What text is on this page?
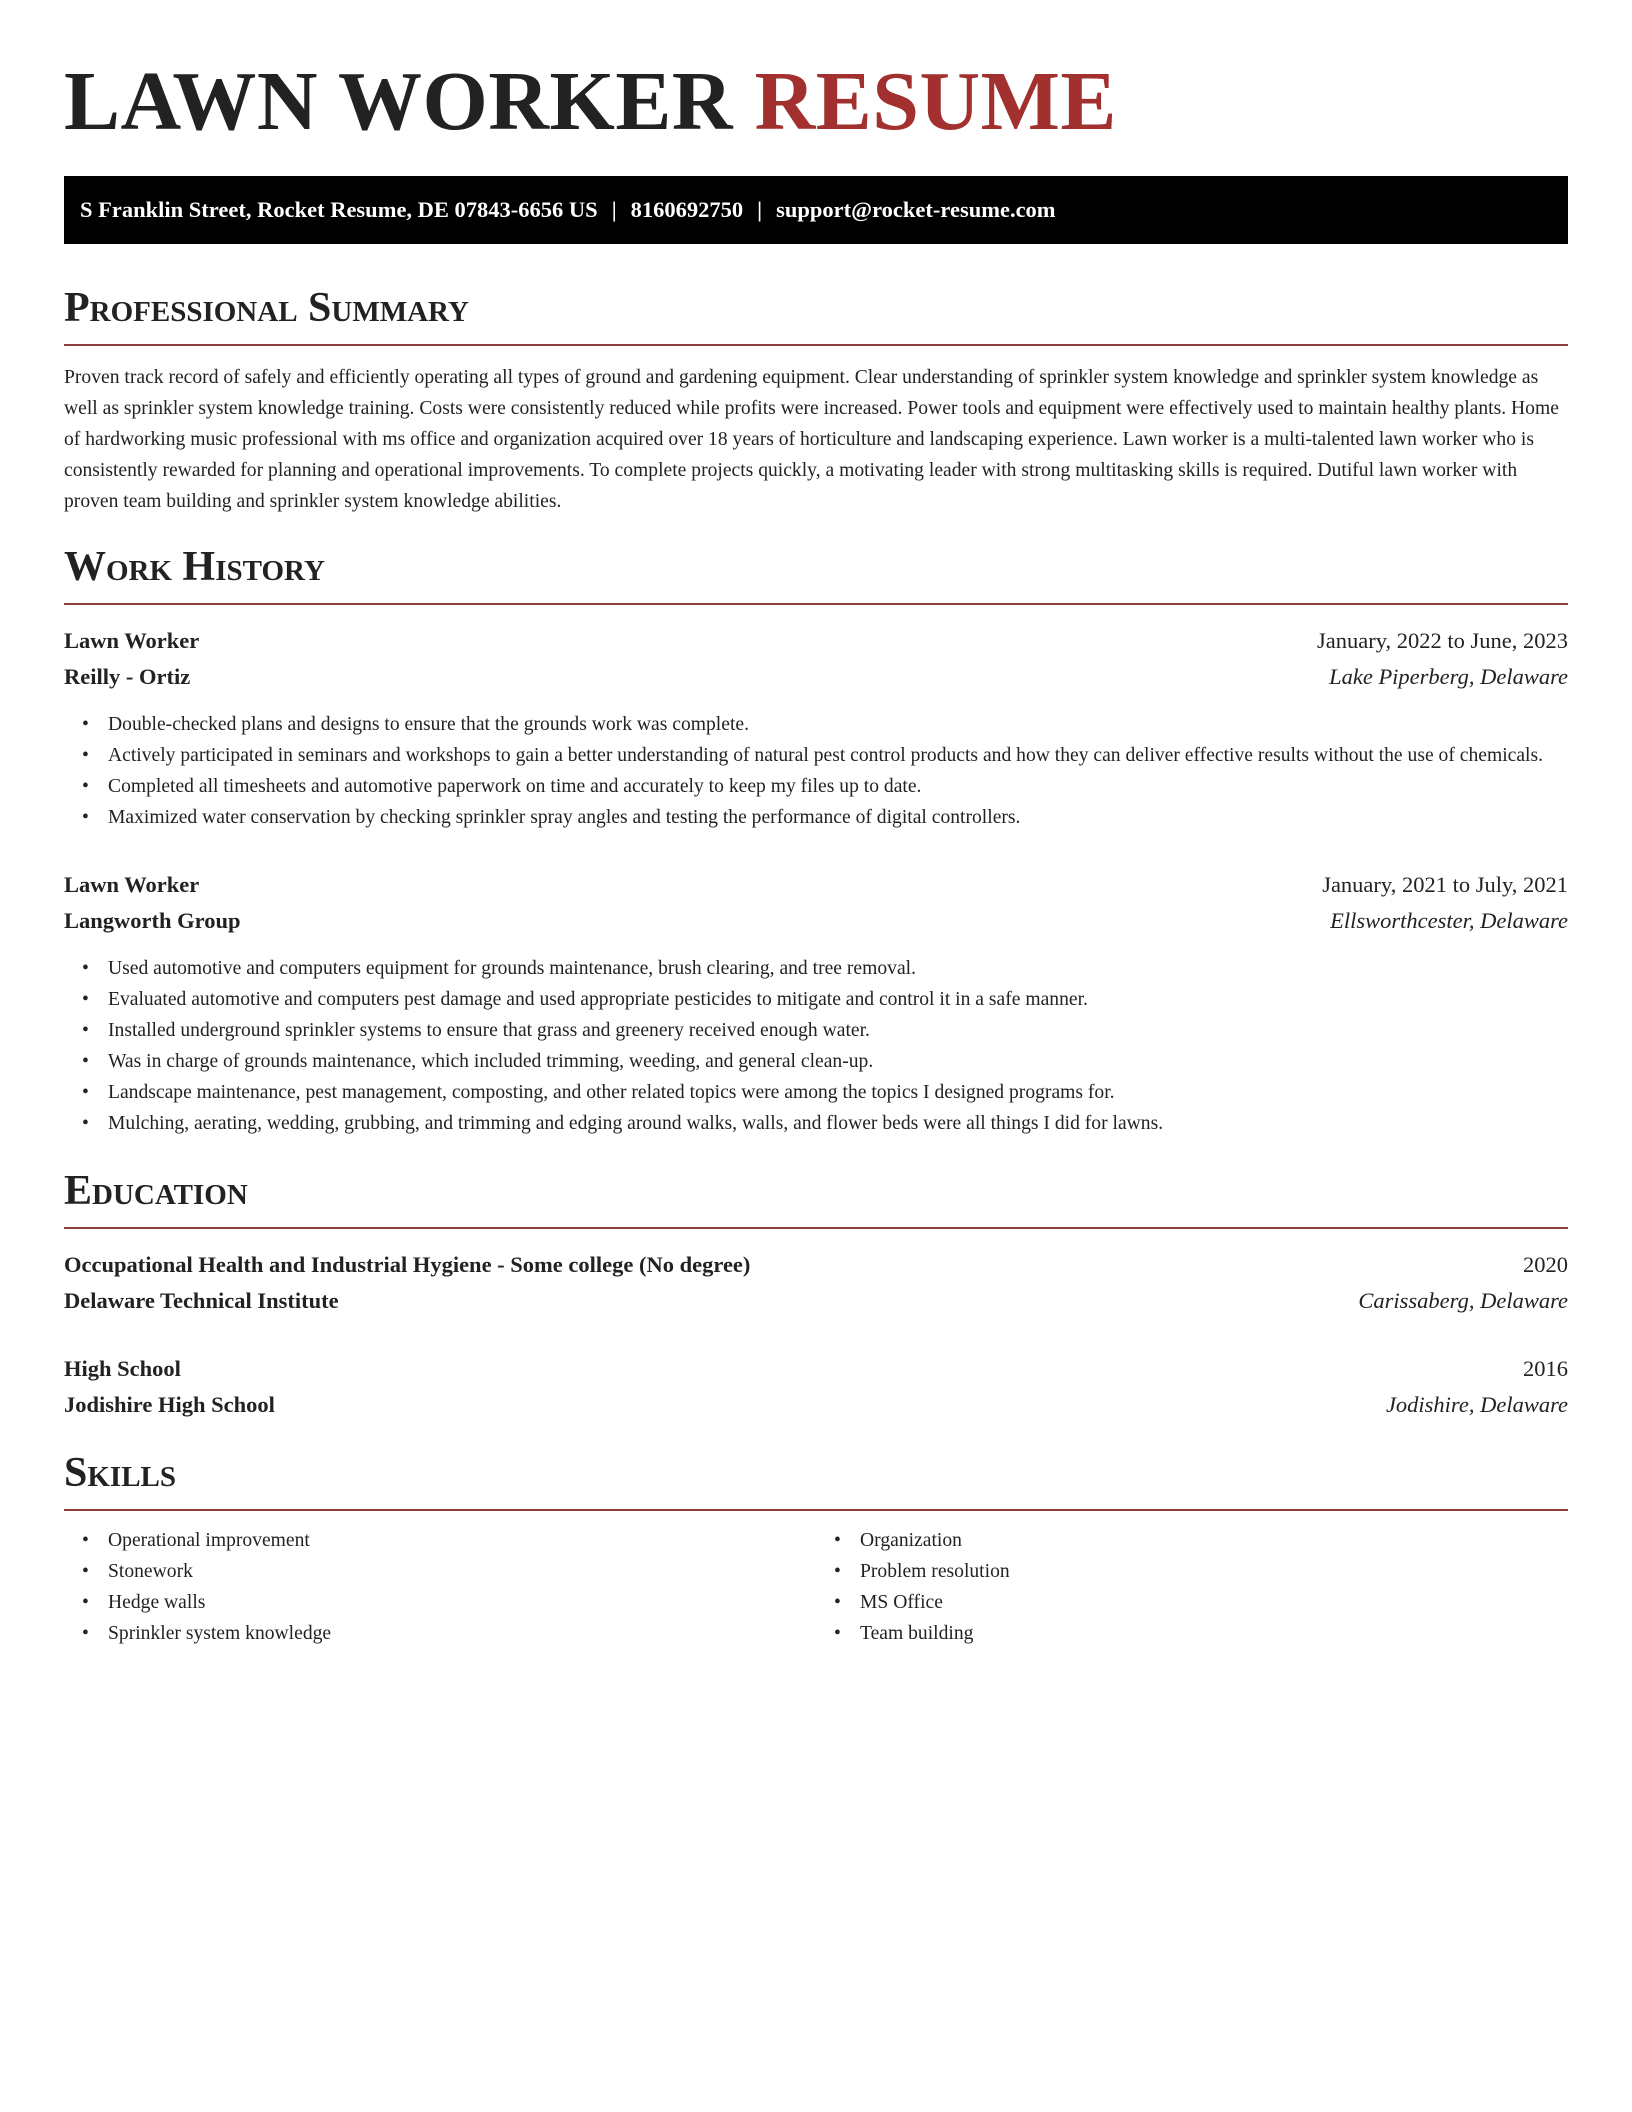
LAWN WORKER RESUME
S Franklin Street, Rocket Resume, DE 07843-6656 US | 8160692750 | support@rocket-resume.com
Professional Summary

Proven track record of safely and efficiently operating all types of ground and gardening equipment. Clear understanding of sprinkler system knowledge and sprinkler system knowledge as well as sprinkler system knowledge training. Costs were consistently reduced while profits were increased. Power tools and equipment were effectively used to maintain healthy plants. Home of hardworking music professional with ms office and organization acquired over 18 years of horticulture and landscaping experience. Lawn worker is a multi-talented lawn worker who is consistently rewarded for planning and operational improvements. To complete projects quickly, a motivating leader with strong multitasking skills is required. Dutiful lawn worker with proven team building and sprinkler system knowledge abilities.

Work History
Lawn Worker	January, 2022 to June, 2023
Reilly - Ortiz	Lake Piperberg, Delaware
• Double-checked plans and designs to ensure that the grounds work was complete.
• Actively participated in seminars and workshops to gain a better understanding of natural pest control products and how they can deliver effective results without the use of chemicals.
• Completed all timesheets and automotive paperwork on time and accurately to keep my files up to date.
• Maximized water conservation by checking sprinkler spray angles and testing the performance of digital controllers.
Lawn Worker	January, 2021 to July, 2021
Langworth Group	Ellsworthcester, Delaware
• Used automotive and computers equipment for grounds maintenance, brush clearing, and tree removal.
• Evaluated automotive and computers pest damage and used appropriate pesticides to mitigate and control it in a safe manner.
• Installed underground sprinkler systems to ensure that grass and greenery received enough water.
• Was in charge of grounds maintenance, which included trimming, weeding, and general clean-up.
• Landscape maintenance, pest management, composting, and other related topics were among the topics I designed programs for.
• Mulching, aerating, wedding, grubbing, and trimming and edging around walks, walls, and flower beds were all things I did for lawns.
Education
Occupational Health and Industrial Hygiene - Some college (No degree)	2020
Delaware Technical Institute	Carissaberg, Delaware
High School	2016
Jodishire High School	Jodishire, Delaware
Skills
• Operational improvement
• Stonework
• Hedge walls
• Sprinkler system knowledge
• Organization
• Problem resolution
• MS Office
• Team building
